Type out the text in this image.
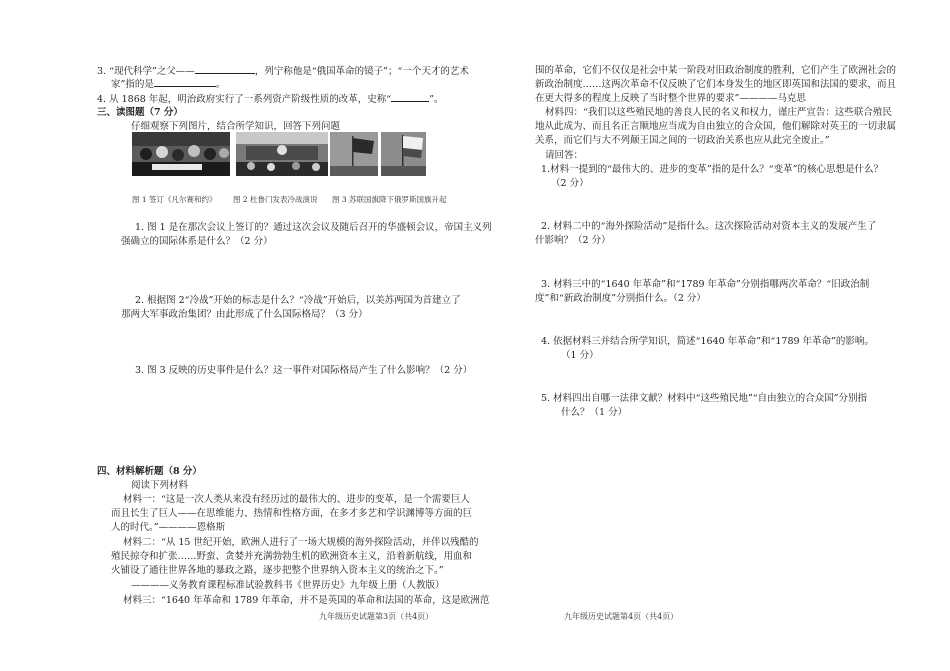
3. “现代科学”之父——	，列宁称他是“俄国革命的镜子”；“一个天才的艺术
家”指的是	。
4. 从 1868 年起，明治政府实行了一系列资产阶级性质的改革，史称“	”。
三、读图题（7 分）
仔细观察下列图片，结合所学知识，回答下列问题
图 1 签订《凡尔赛和约》 图 2 杜鲁门发表冷战演说 图 3 苏联国旗降下俄罗斯国旗升起
1. 图 1 是在那次会议上签订的？通过这次会议及随后召开的华盛顿会议，帝国主义列
强确立的国际体系是什么？（2 分）
2. 根据图 2“冷战”开始的标志是什么？“冷战”开始后，以美苏两国为首建立了
那两大军事政治集团？由此形成了什么国际格局？（3 分）
3. 图 3 反映的历史事件是什么？这一事件对国际格局产生了什么影响？（2 分）
四、材料解析题（8 分）
阅读下列材料
材料一：“这是一次人类从来没有经历过的最伟大的、进步的变革，是一个需要巨人
而且长生了巨人——在思维能力、热情和性格方面，在多才多艺和学识渊博等方面的巨
人的时代。”————恩格斯
材料二：“从 15 世纪开始，欧洲人进行了一场大规模的海外探险活动，并伴以残酷的
殖民掠夺和扩张……野蛮、贪婪并充满勃勃生机的欧洲资本主义，沿着新航线，用血和
火铺设了通往世界各地的暴政之路，逐步把整个世界纳入资本主义的统治之下。”
————义务教育课程标准试验教科书《世界历史》九年级上册（人教版）
材料三：“1640 年革命和 1789 年革命，并不是英国的革命和法国的革命，这是欧洲范
九年级历史试题第3页（共4页）
围的革命，它们不仅仅是社会中某一阶段对旧政治制度的胜利，它们产生了欧洲社会的
新政治制度……这两次革命不仅反映了它们本身发生的地区即英国和法国的要求，而且
在更大得多的程度上反映了当时整个世界的要求”————马克思
材料四：“我们以这些殖民地的善良人民的名义和权力，谨庄严宣告：这些联合殖民
地从此成为、而且名正言顺地应当成为自由独立的合众国，他们解除对英王的一切隶属
关系，而它们与大不列颠王国之间的一切政治关系也应从此完全废止。”
请回答：
1.材料一提到的“最伟大的、进步的变革”指的是什么？“变革”的核心思想是什么？
（2 分）
2. 材料二中的“海外探险活动”是指什么。这次探险活动对资本主义的发展产生了
什影响？（2 分）
3. 材料三中的“1640 年革命”和“1789 年革命”分别指哪两次革命？“旧政治制
度”和“新政治制度”分别指什么。（2 分）
4. 依据材料三并结合所学知识，简述“1640 年革命”和“1789 年革命”的影响。
（1 分）
5. 材料四出自哪一法律文献？材料中“这些殖民地”“自由独立的合众国”分别指
什么？（1 分）
九年级历史试题第4页（共4页）
